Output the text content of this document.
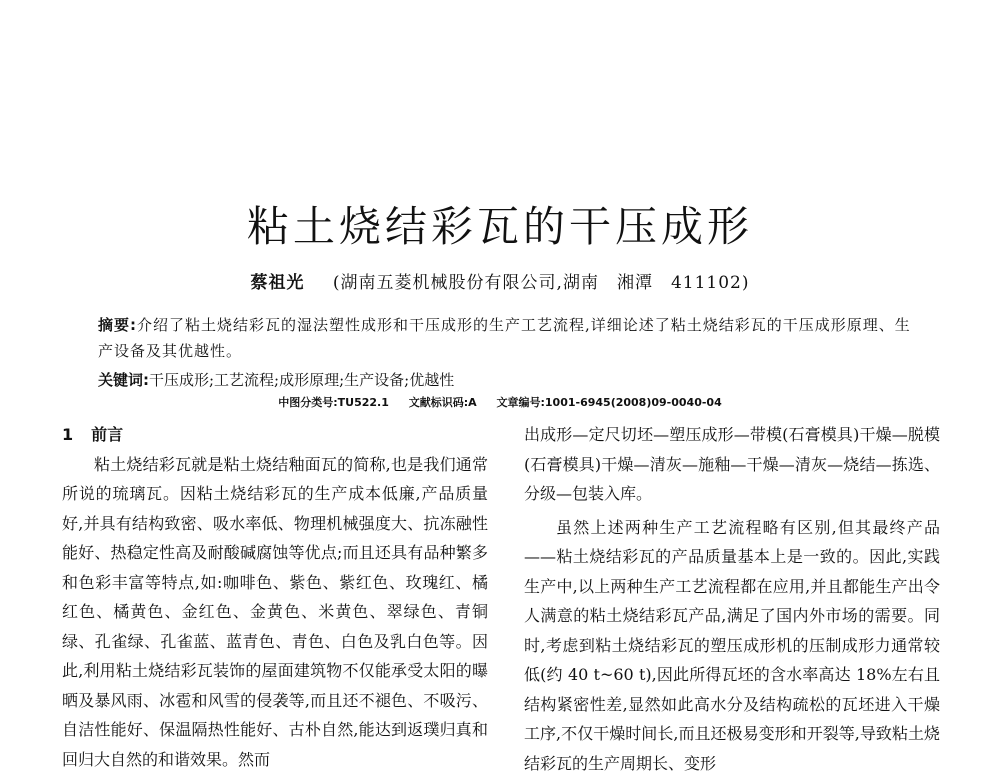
粘土烧结彩瓦的干压成形
蔡祖光 (湖南五菱机械股份有限公司,湖南　湘潭　411102)
摘要:介绍了粘土烧结彩瓦的湿法塑性成形和干压成形的生产工艺流程,详细论述了粘土烧结彩瓦的干压成形原理、生产设备及其优越性。
关键词:干压成形;工艺流程;成形原理;生产设备;优越性
中图分类号:TU522.1 文献标识码:A 文章编号:1001-6945(2008)09-0040-04
1 前言

粘土烧结彩瓦就是粘土烧结釉面瓦的简称,也是我们通常所说的琉璃瓦。因粘土烧结彩瓦的生产成本低廉,产品质量好,并具有结构致密、吸水率低、物理机械强度大、抗冻融性能好、热稳定性高及耐酸碱腐蚀等优点;而且还具有品种繁多和色彩丰富等特点,如:咖啡色、紫色、紫红色、玫瑰红、橘红色、橘黄色、金红色、金黄色、米黄色、翠绿色、青铜绿、孔雀绿、孔雀蓝、蓝青色、青色、白色及乳白色等。因此,利用粘土烧结彩瓦装饰的屋面建筑物不仅能承受太阳的曝晒及暴风雨、冰雹和风雪的侵袭等,而且还不褪色、不吸污、自洁性能好、保温隔热性能好、古朴自然,能达到返璞归真和回归大自然的和谐效果。然而

出成形—定尺切坯—塑压成形—带模(石膏模具)干燥—脱模(石膏模具)干燥—清灰—施釉—干燥—清灰—烧结—拣选、分级—包装入库。

虽然上述两种生产工艺流程略有区别,但其最终产品——粘土烧结彩瓦的产品质量基本上是一致的。因此,实践生产中,以上两种生产工艺流程都在应用,并且都能生产出令人满意的粘土烧结彩瓦产品,满足了国内外市场的需要。同时,考虑到粘土烧结彩瓦的塑压成形机的压制成形力通常较低(约 40 t~60 t),因此所得瓦坯的含水率高达 18%左右且结构紧密性差,显然如此高水分及结构疏松的瓦坯进入干燥工序,不仅干燥时间长,而且还极易变形和开裂等,导致粘土烧结彩瓦的生产周期长、变形
